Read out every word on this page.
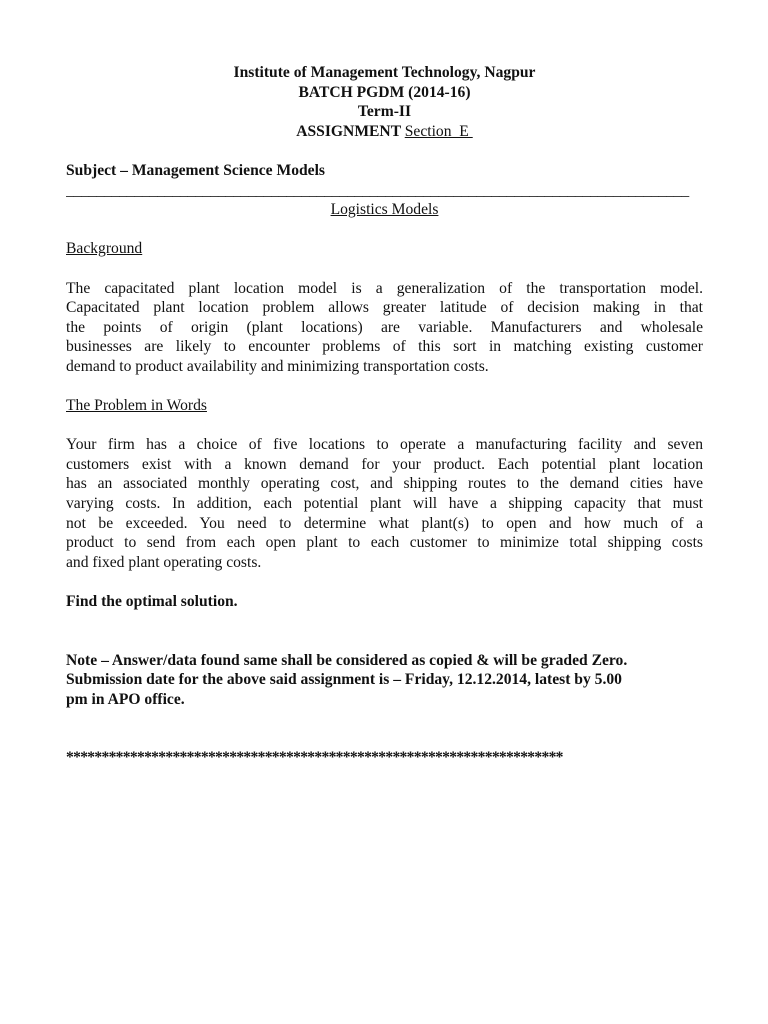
Institute of Management Technology, Nagpur
BATCH PGDM (2014-16)
Term-II
ASSIGNMENT Section  E
Subject – Management Science Models
__________________________________________________________________________________
Logistics Models
Background
The capacitated plant location model is a generalization of the transportation model.
Capacitated plant location problem allows greater latitude of decision making in that
the points of origin (plant locations) are variable. Manufacturers and wholesale
businesses are likely to encounter problems of this sort in matching existing customer
demand to product availability and minimizing transportation costs.
The Problem in Words
Your firm has a choice of five locations to operate a manufacturing facility and seven
customers exist with a known demand for your product. Each potential plant location
has an associated monthly operating cost, and shipping routes to the demand cities have
varying costs. In addition, each potential plant will have a shipping capacity that must
not be exceeded. You need to determine what plant(s) to open and how much of a
product to send from each open plant to each customer to minimize total shipping costs
and fixed plant operating costs.
Find the optimal solution.
Note – Answer/data found same shall be considered as copied & will be graded Zero.
Submission date for the above said assignment is – Friday, 12.12.2014, latest by 5.00
pm in APO office.
**********************************************************************
